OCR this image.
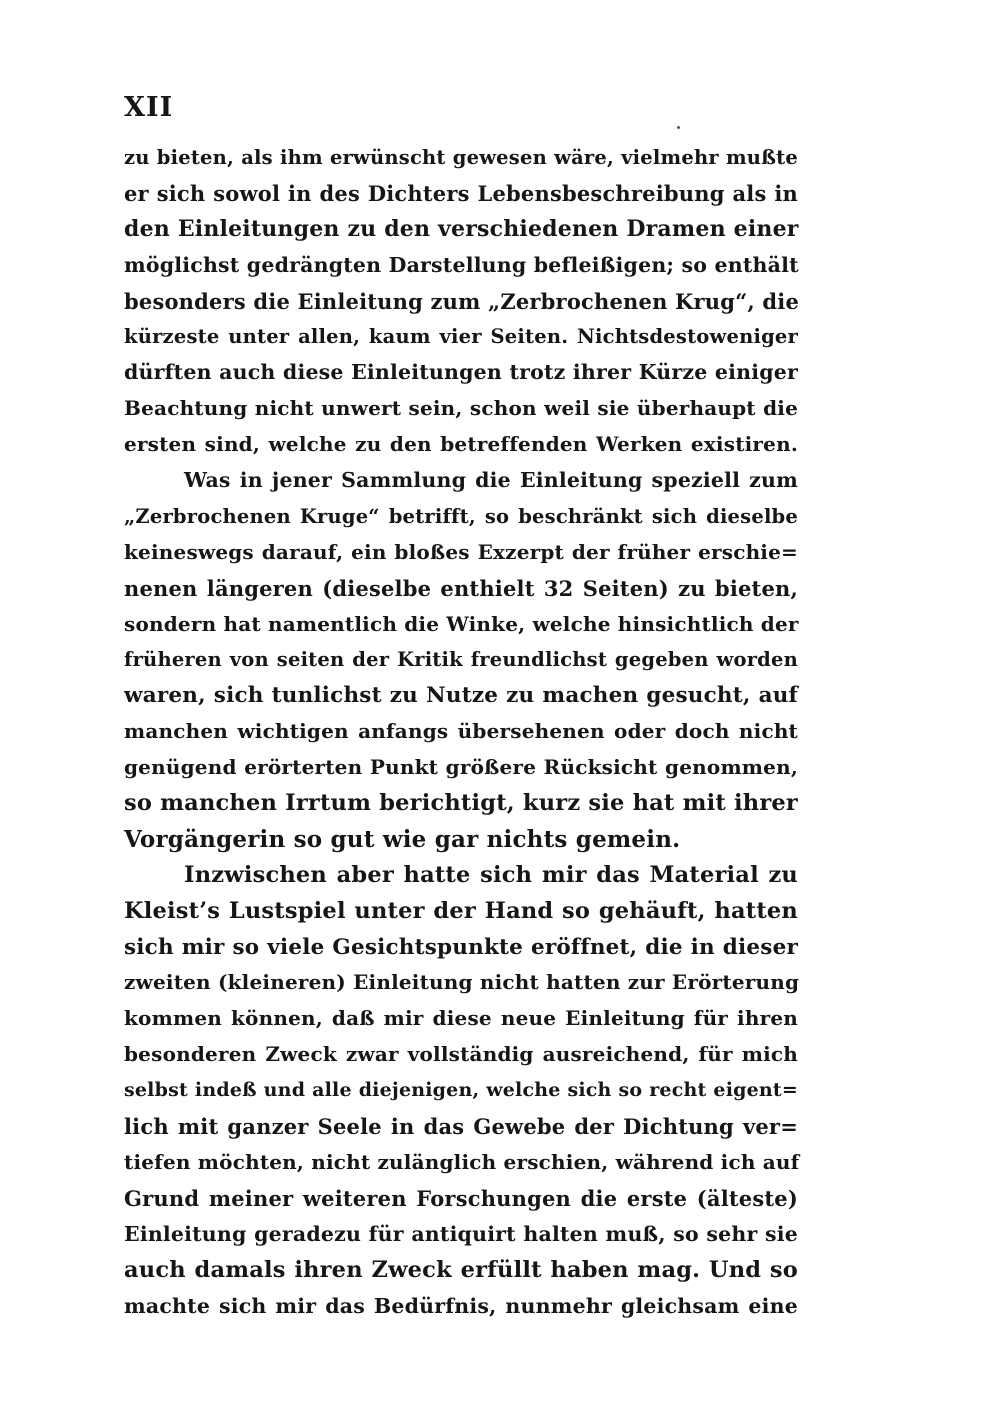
XII
zu bieten, als ihm erwünscht gewesen wäre, vielmehr mußte
er sich sowol in des Dichters Lebensbeschreibung als in
den Einleitungen zu den verschiedenen Dramen einer
möglichst gedrängten Darstellung befleißigen; so enthält
besonders die Einleitung zum „Zerbrochenen Krug“, die
kürzeste unter allen, kaum vier Seiten. Nichtsdestoweniger
dürften auch diese Einleitungen trotz ihrer Kürze einiger
Beachtung nicht unwert sein, schon weil sie überhaupt die
ersten sind, welche zu den betreffenden Werken existiren.
Was in jener Sammlung die Einleitung speziell zum
„Zerbrochenen Kruge“ betrifft, so beschränkt sich dieselbe
keineswegs darauf, ein bloßes Exzerpt der früher erschie=
nenen längeren (dieselbe enthielt 32 Seiten) zu bieten,
sondern hat namentlich die Winke, welche hinsichtlich der
früheren von seiten der Kritik freundlichst gegeben worden
waren, sich tunlichst zu Nutze zu machen gesucht, auf
manchen wichtigen anfangs übersehenen oder doch nicht
genügend erörterten Punkt größere Rücksicht genommen,
so manchen Irrtum berichtigt, kurz sie hat mit ihrer
Vorgängerin so gut wie gar nichts gemein.
Inzwischen aber hatte sich mir das Material zu
Kleist’s Lustspiel unter der Hand so gehäuft, hatten
sich mir so viele Gesichtspunkte eröffnet, die in dieser
zweiten (kleineren) Einleitung nicht hatten zur Erörterung
kommen können, daß mir diese neue Einleitung für ihren
besonderen Zweck zwar vollständig ausreichend, für mich
selbst indeß und alle diejenigen, welche sich so recht eigent=
lich mit ganzer Seele in das Gewebe der Dichtung ver=
tiefen möchten, nicht zulänglich erschien, während ich auf
Grund meiner weiteren Forschungen die erste (älteste)
Einleitung geradezu für antiquirt halten muß, so sehr sie
auch damals ihren Zweck erfüllt haben mag. Und so
machte sich mir das Bedürfnis, nunmehr gleichsam eine
